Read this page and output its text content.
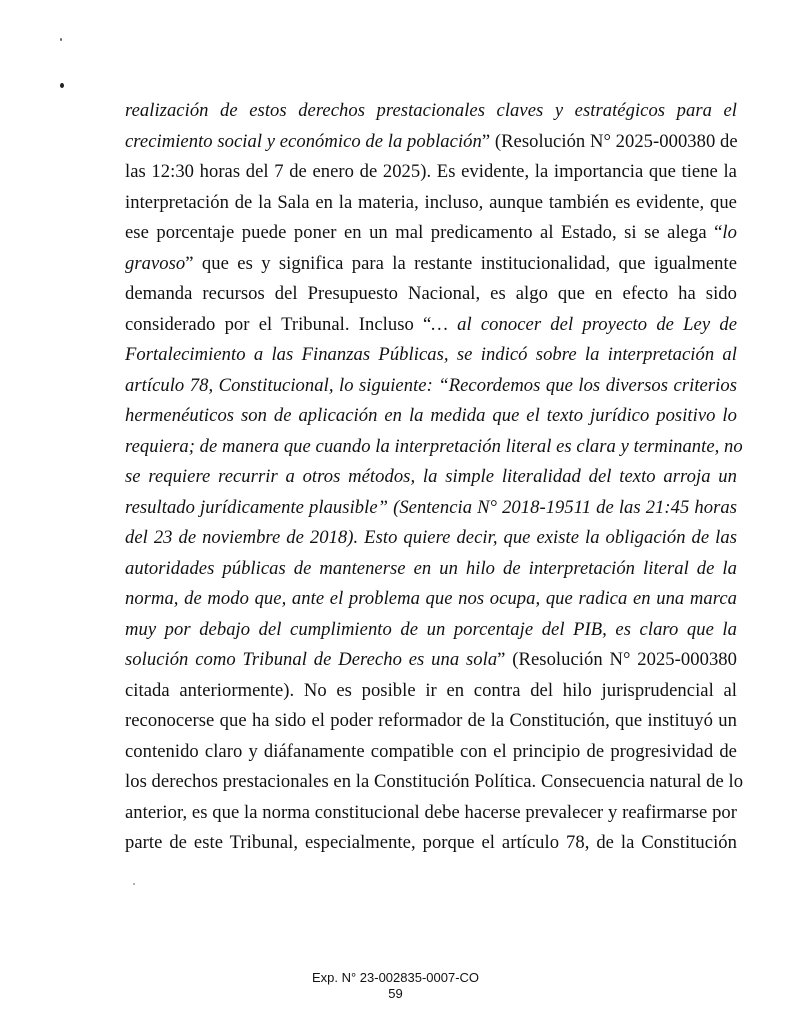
realización de estos derechos prestacionales claves y estratégicos para el
crecimiento social y económico de la población” (Resolución N° 2025-000380 de
las 12:30 horas del 7 de enero de 2025). Es evidente, la importancia que tiene la
interpretación de la Sala en la materia, incluso, aunque también es evidente, que
ese porcentaje puede poner en un mal predicamento al Estado, si se alega “lo
gravoso” que es y significa para la restante institucionalidad, que igualmente
demanda recursos del Presupuesto Nacional, es algo que en efecto ha sido
considerado por el Tribunal. Incluso “… al conocer del proyecto de Ley de
Fortalecimiento a las Finanzas Públicas, se indicó sobre la interpretación al
artículo 78, Constitucional, lo siguiente: “Recordemos que los diversos criterios
hermenéuticos son de aplicación en la medida que el texto jurídico positivo lo
requiera; de manera que cuando la interpretación literal es clara y terminante, no
se requiere recurrir a otros métodos, la simple literalidad del texto arroja un
resultado jurídicamente plausible” (Sentencia N° 2018-19511 de las 21:45 horas
del 23 de noviembre de 2018). Esto quiere decir, que existe la obligación de las
autoridades públicas de mantenerse en un hilo de interpretación literal de la
norma, de modo que, ante el problema que nos ocupa, que radica en una marca
muy por debajo del cumplimiento de un porcentaje del PIB, es claro que la
solución como Tribunal de Derecho es una sola” (Resolución N° 2025-000380
citada anteriormente). No es posible ir en contra del hilo jurisprudencial al
reconocerse que ha sido el poder reformador de la Constitución, que instituyó un
contenido claro y diáfanamente compatible con el principio de progresividad de
los derechos prestacionales en la Constitución Política. Consecuencia natural de lo
anterior, es que la norma constitucional debe hacerse prevalecer y reafirmarse por
parte de este Tribunal, especialmente, porque el artículo 78, de la Constitución
Exp. N° 23-002835-0007-CO
59
